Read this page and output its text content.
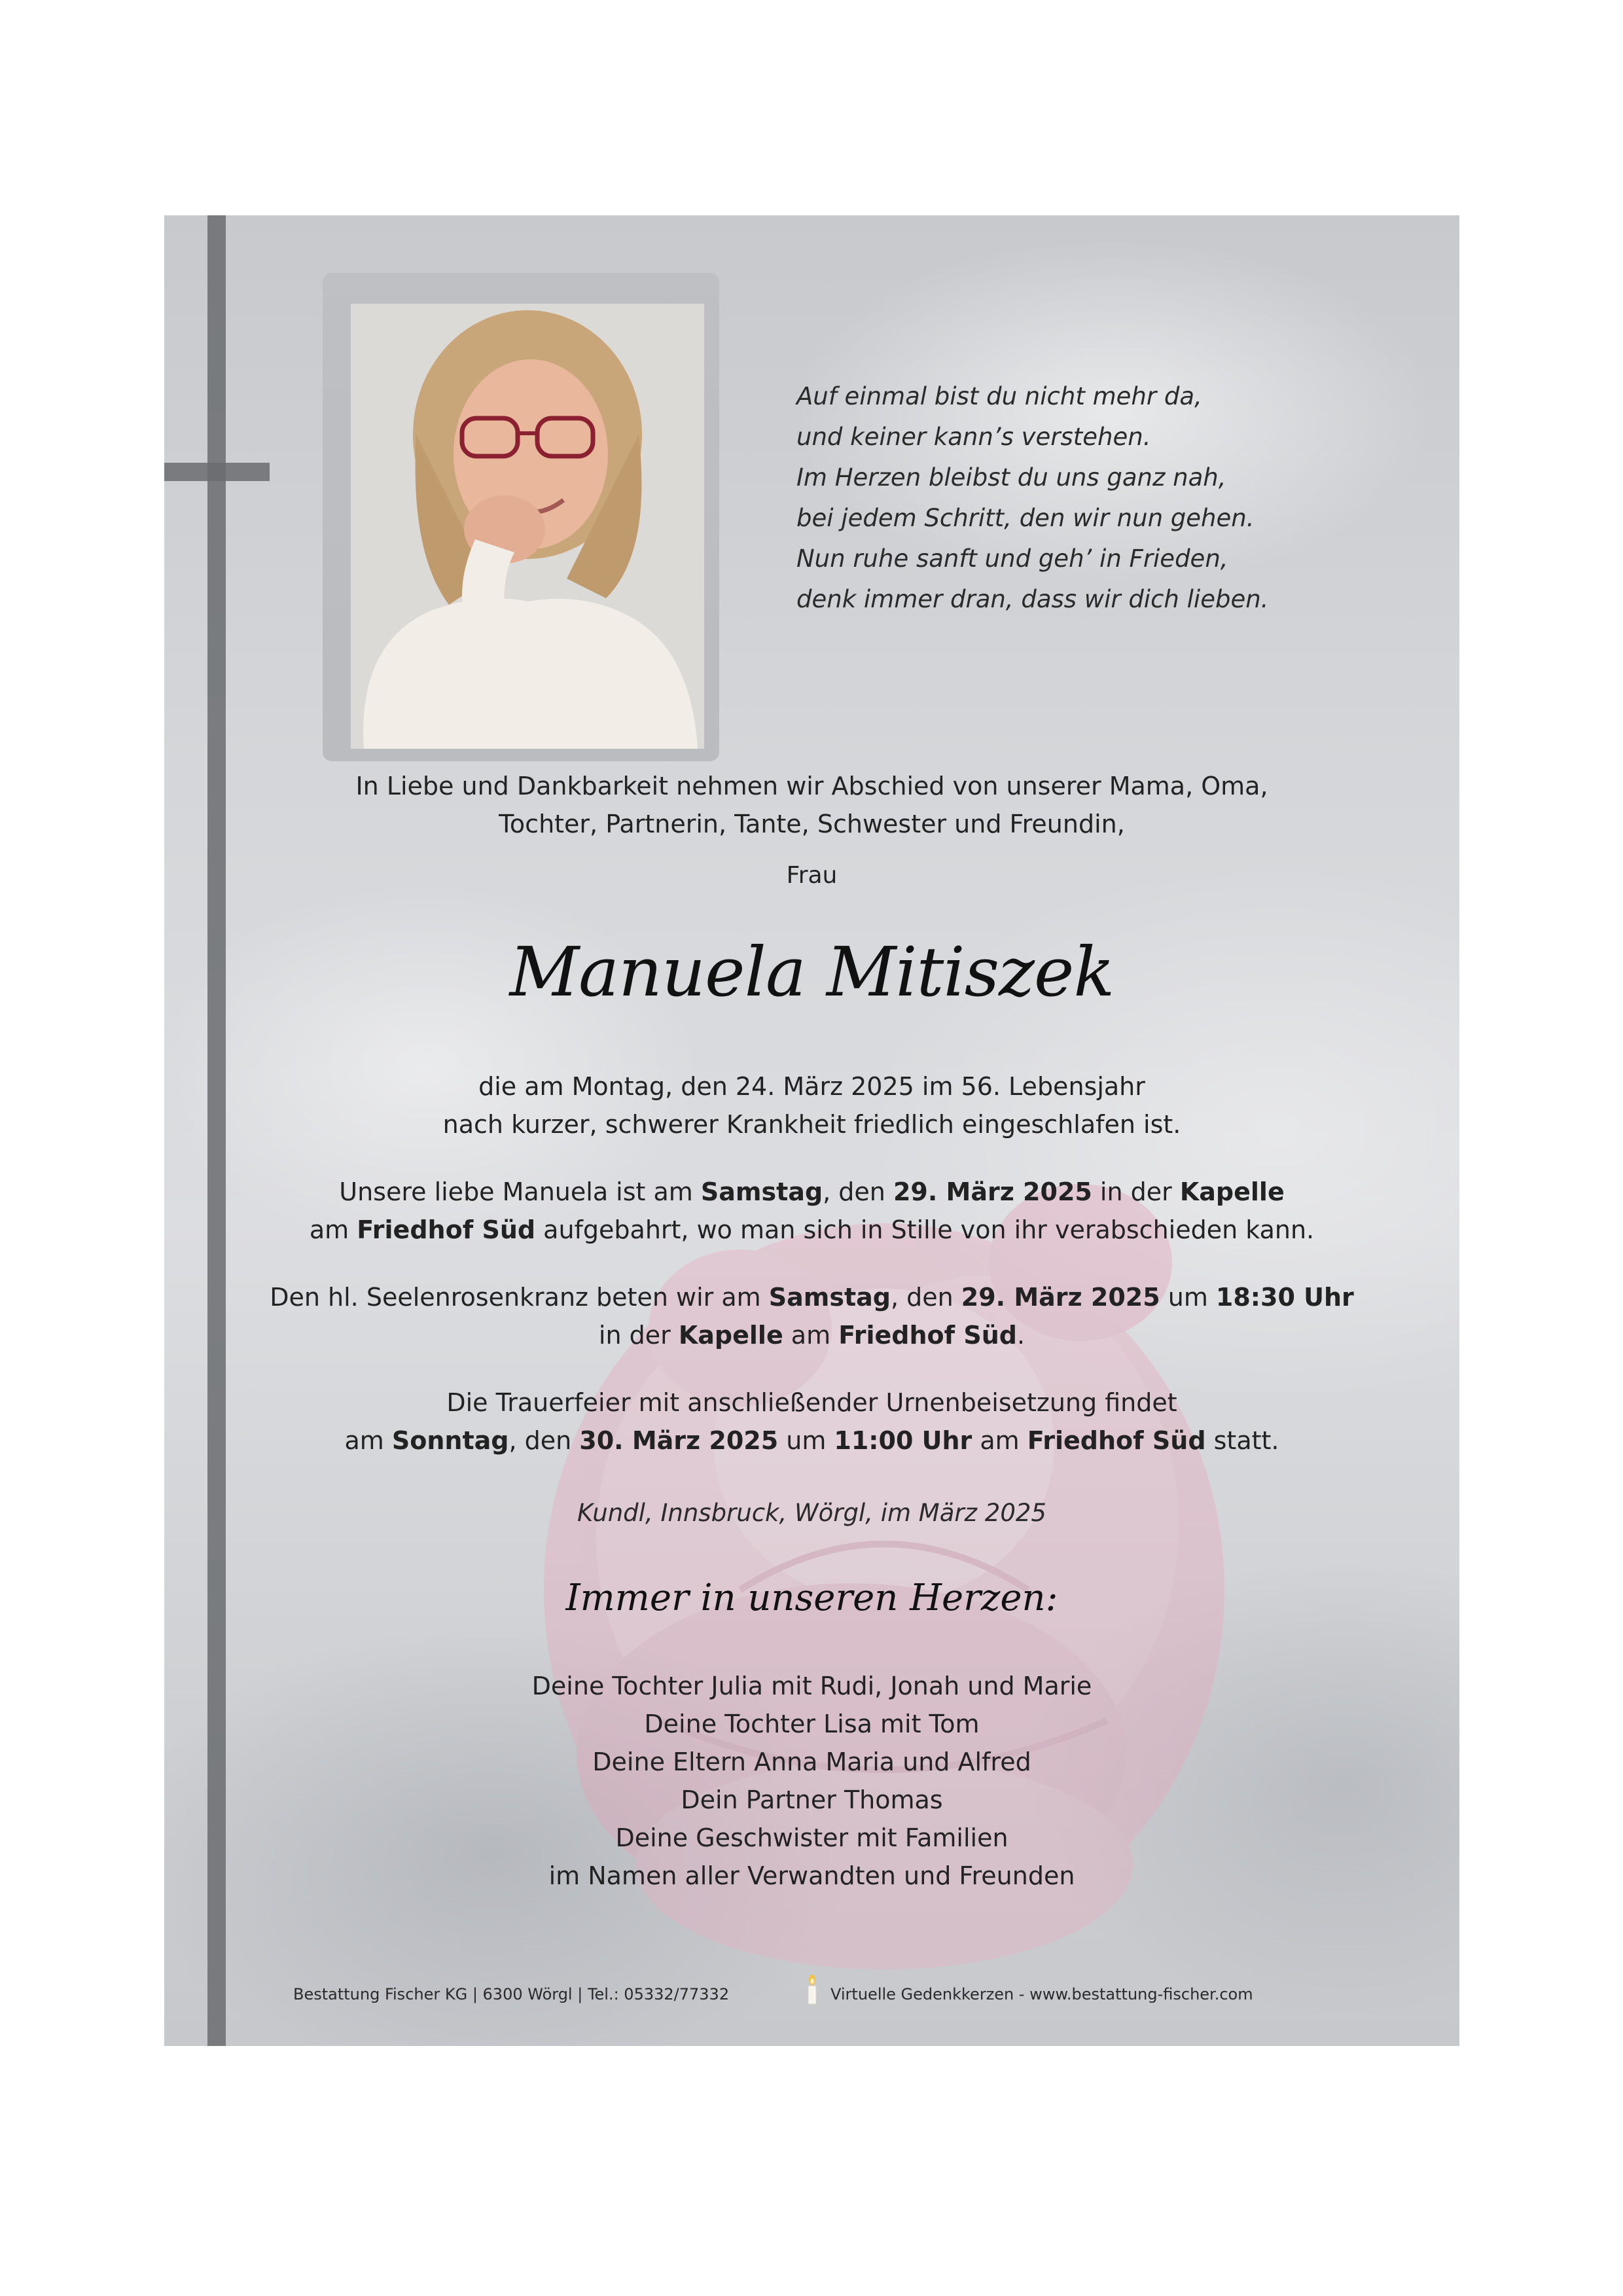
Auf einmal bist du nicht mehr da,
und keiner kann’s verstehen.
Im Herzen bleibst du uns ganz nah,
bei jedem Schritt, den wir nun gehen.
Nun ruhe sanft und geh’ in Frieden,
denk immer dran, dass wir dich lieben.
In Liebe und Dankbarkeit nehmen wir Abschied von unserer Mama, Oma,
Tochter, Partnerin, Tante, Schwester und Freundin,
Frau
Manuela Mitiszek
die am Montag, den 24. März 2025 im 56. Lebensjahr
nach kurzer, schwerer Krankheit friedlich eingeschlafen ist.
Unsere liebe Manuela ist am Samstag, den 29. März 2025 in der Kapelle
am Friedhof Süd aufgebahrt, wo man sich in Stille von ihr verabschieden kann.
Den hl. Seelenrosenkranz beten wir am Samstag, den 29. März 2025 um 18:30 Uhr
in der Kapelle am Friedhof Süd.
Die Trauerfeier mit anschließender Urnenbeisetzung findet
am Sonntag, den 30. März 2025 um 11:00 Uhr am Friedhof Süd statt.
Kundl, Innsbruck, Wörgl, im März 2025
Immer in unseren Herzen:
Deine Tochter Julia mit Rudi, Jonah und Marie
Deine Tochter Lisa mit Tom
Deine Eltern Anna Maria und Alfred
Dein Partner Thomas
Deine Geschwister mit Familien
im Namen aller Verwandten und Freunden
Bestattung Fischer KG | 6300 Wörgl | Tel.: 05332/77332	Virtuelle Gedenkkerzen - www.bestattung-fischer.com
